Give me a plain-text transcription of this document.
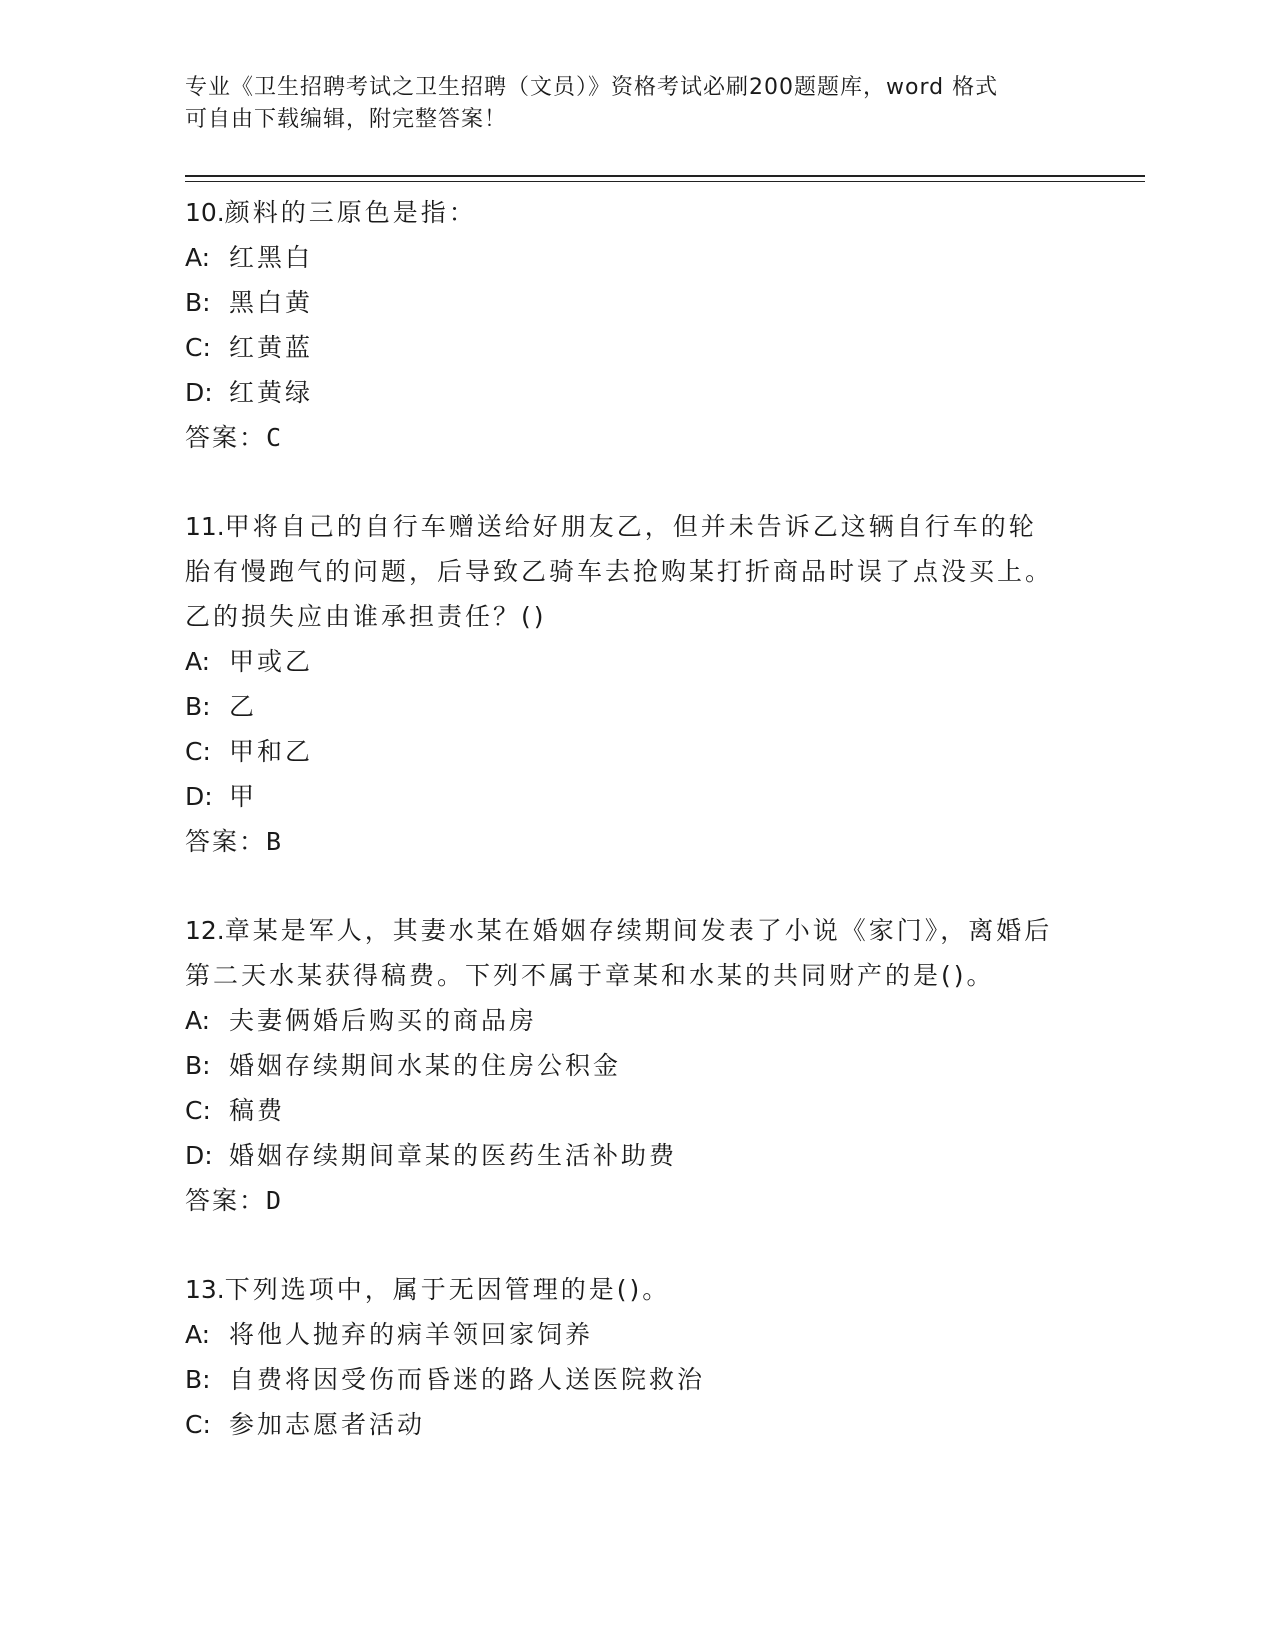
专业《卫生招聘考试之卫生招聘（文员）》资格考试必刷200题题库，word 格式
可自由下载编辑，附完整答案！
10.颜料的三原色是指：
A: 红黑白
B: 黑白黄
C: 红黄蓝
D: 红黄绿
答案：C
11.甲将自己的自行车赠送给好朋友乙，但并未告诉乙这辆自行车的轮胎有慢跑气的问题，后导致乙骑车去抢购某打折商品时误了点没买上。乙的损失应由谁承担责任？()
A: 甲或乙
B: 乙
C: 甲和乙
D: 甲
答案：B
12.章某是军人，其妻水某在婚姻存续期间发表了小说《家门》，离婚后第二天水某获得稿费。下列不属于章某和水某的共同财产的是()。
A: 夫妻俩婚后购买的商品房
B: 婚姻存续期间水某的住房公积金
C: 稿费
D: 婚姻存续期间章某的医药生活补助费
答案：D
13.下列选项中，属于无因管理的是()。
A: 将他人抛弃的病羊领回家饲养
B: 自费将因受伤而昏迷的路人送医院救治
C: 参加志愿者活动
